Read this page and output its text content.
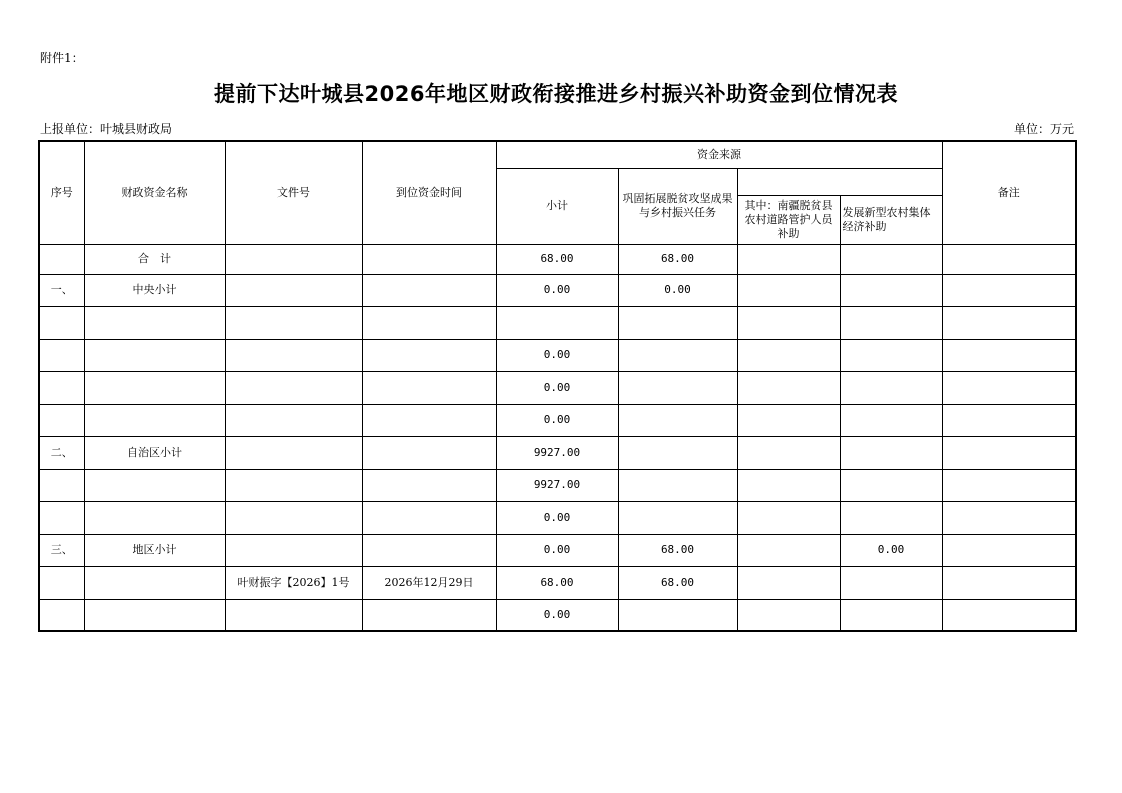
附件1：
提前下达叶城县2026年地区财政衔接推进乡村振兴补助资金到位情况表
上报单位：叶城县财政局	单位：万元
序号	财政资金名称	文件号	到位资金时间	资金来源				备注
				小计	巩固拓展脱贫攻坚成果与乡村振兴任务			

						其中：南疆脱贫县农村道路管护人员补助	发展新型农村集体经济补助	

	合　计			68.00	68.00			
一、	中央小计			0.00	0.00			

				0.00				
				0.00				
				0.00				
二、	自治区小计			9927.00				
				9927.00				
				0.00				
三、	地区小计			0.00	68.00		0.00	
		叶财振字【2026】1号	2026年12月29日	68.00	68.00			
				0.00				
